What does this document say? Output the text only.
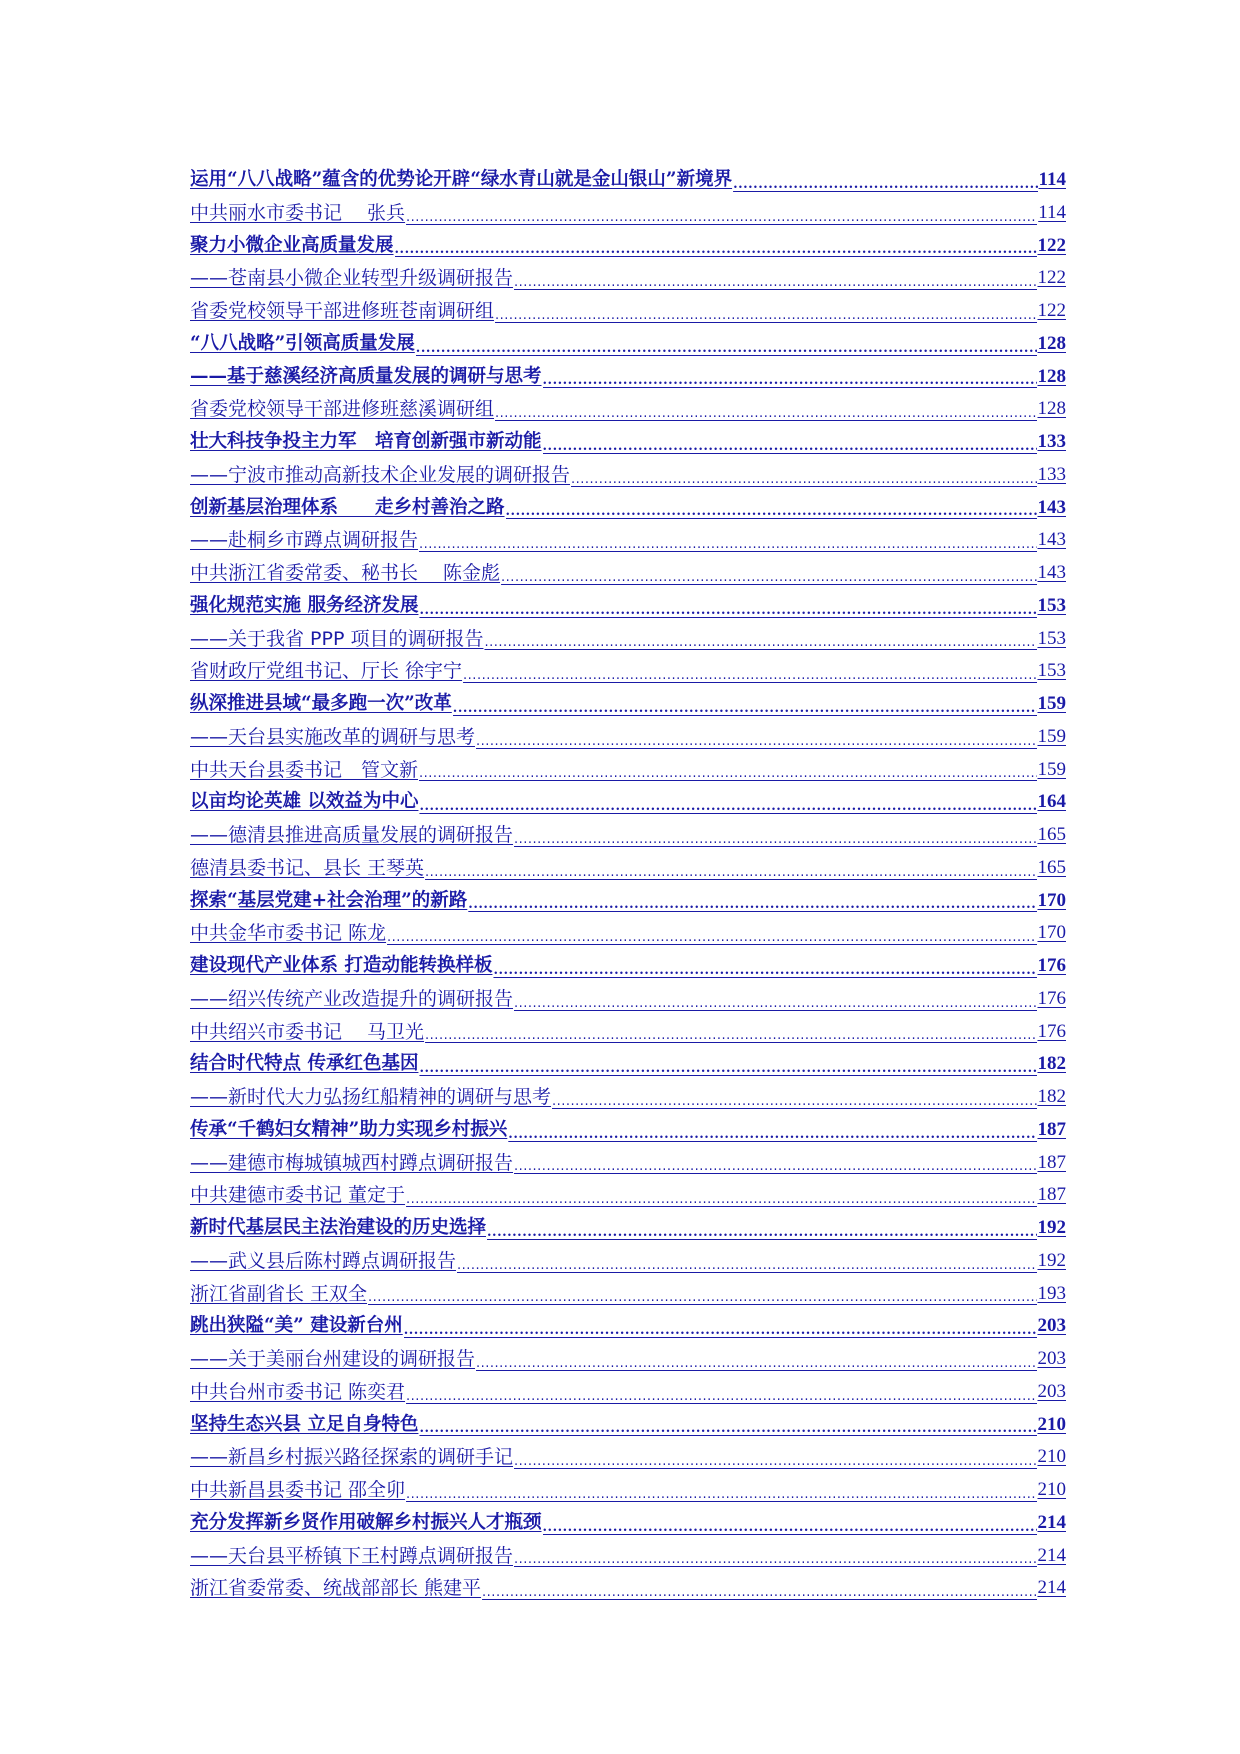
运用“八八战略”蕴含的优势论开辟“绿水青山就是金山银山”新境界 .....	114
中共丽水市委书记　 张兵 .....	114
聚力小微企业高质量发展 .....	122
——苍南县小微企业转型升级调研报告 .....	122
省委党校领导干部进修班苍南调研组 .....	122
“八八战略”引领高质量发展 .....	128
——基于慈溪经济高质量发展的调研与思考 .....	128
省委党校领导干部进修班慈溪调研组 .....	128
壮大科技争投主力军　培育创新强市新动能 .....	133
——宁波市推动高新技术企业发展的调研报告 .....	133
创新基层治理体系　　走乡村善治之路 .....	143
——赴桐乡市蹲点调研报告 .....	143
中共浙江省委常委、秘书长　 陈金彪 .....	143
强化规范实施 服务经济发展 .....	153
——关于我省 PPP 项目的调研报告 .....	153
省财政厅党组书记、厅长 徐宇宁 .....	153
纵深推进县域“最多跑一次”改革 .....	159
——天台县实施改革的调研与思考 .....	159
中共天台县委书记　管文新 .....	159
以亩均论英雄 以效益为中心 .....	164
——德清县推进高质量发展的调研报告 .....	165
德清县委书记、县长 王琴英 .....	165
探索“基层党建+社会治理”的新路 .....	170
中共金华市委书记 陈龙 .....	170
建设现代产业体系 打造动能转换样板 .....	176
——绍兴传统产业改造提升的调研报告 .....	176
中共绍兴市委书记　 马卫光 .....	176
结合时代特点 传承红色基因 .....	182
——新时代大力弘扬红船精神的调研与思考 .....	182
传承“千鹤妇女精神”助力实现乡村振兴 .....	187
——建德市梅城镇城西村蹲点调研报告 .....	187
中共建德市委书记 董定于 .....	187
新时代基层民主法治建设的历史选择 .....	192
——武义县后陈村蹲点调研报告 .....	192
浙江省副省长 王双全 .....	193
跳出狭隘“美” 建设新台州 .....	203
——关于美丽台州建设的调研报告 .....	203
中共台州市委书记 陈奕君 .....	203
坚持生态兴县 立足自身特色 .....	210
——新昌乡村振兴路径探索的调研手记 .....	210
中共新昌县委书记 邵全卯 .....	210
充分发挥新乡贤作用破解乡村振兴人才瓶颈 .....	214
——天台县平桥镇下王村蹲点调研报告 .....	214
浙江省委常委、统战部部长 熊建平 .....	214
